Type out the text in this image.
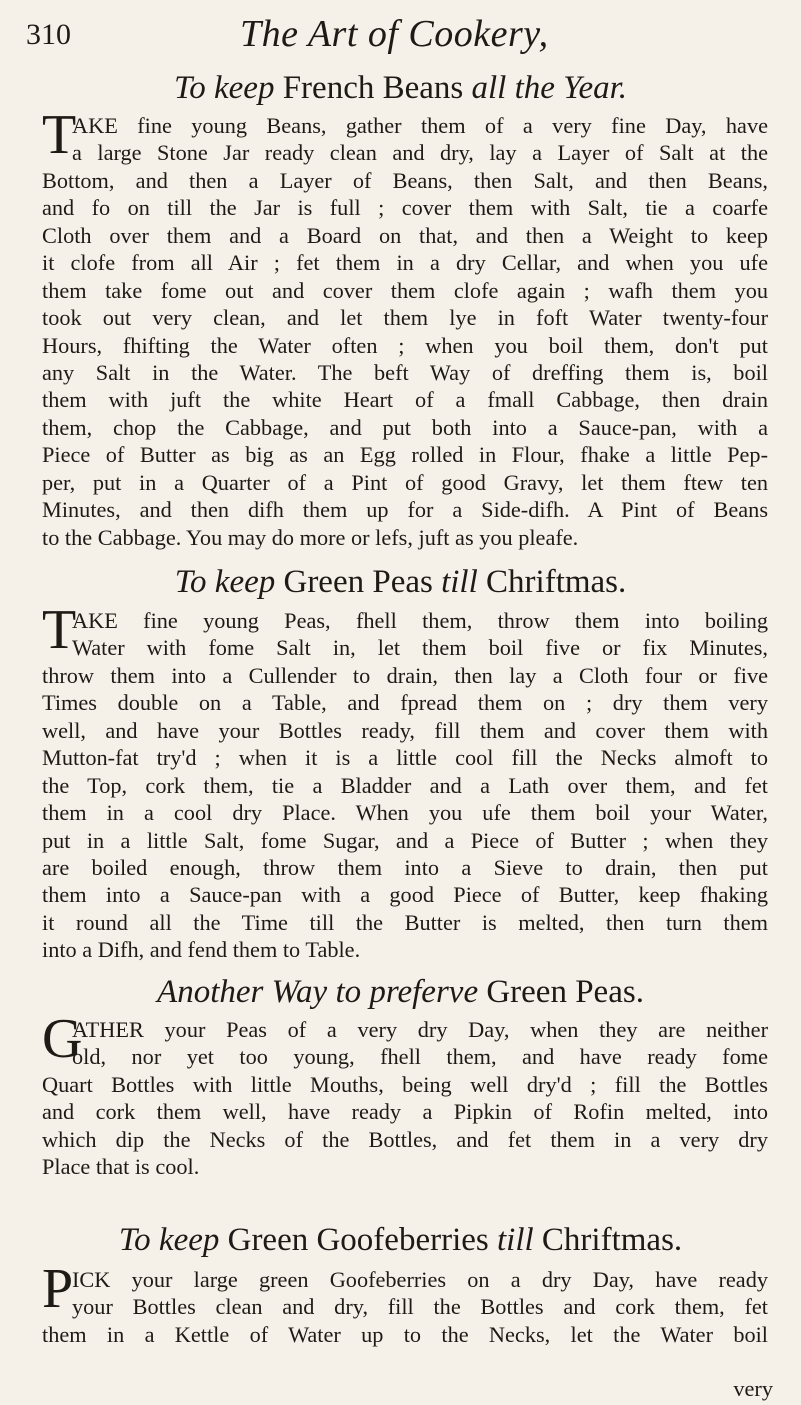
310	The Art of Cookery,
To keep French Beans all the Year.
T
AKE fine young Beans, gather them of a very fine Day, have
a large Stone Jar ready clean and dry, lay a Layer of Salt at the
Bottom, and then a Layer of Beans, then Salt, and then Beans,
and fo on till the Jar is full ; cover them with Salt, tie a coarfe
Cloth over them and a Board on that, and then a Weight to keep
it clofe from all Air ; fet them in a dry Cellar, and when you ufe
them take fome out and cover them clofe again ; wafh them you
took out very clean, and let them lye in foft Water twenty-four
Hours, fhifting the Water often ; when you boil them, don't put
any Salt in the Water. The beft Way of dreffing them is, boil
them with juft the white Heart of a fmall Cabbage, then drain
them, chop the Cabbage, and put both into a Sauce-pan, with a
Piece of Butter as big as an Egg rolled in Flour, fhake a little Pep-
per, put in a Quarter of a Pint of good Gravy, let them ftew ten
Minutes, and then difh them up for a Side-difh. A Pint of Beans
to the Cabbage. You may do more or lefs, juft as you pleafe.
To keep Green Peas till Chriftmas.
T
AKE fine young Peas, fhell them, throw them into boiling
Water with fome Salt in, let them boil five or fix Minutes,
throw them into a Cullender to drain, then lay a Cloth four or five
Times double on a Table, and fpread them on ; dry them very
well, and have your Bottles ready, fill them and cover them with
Mutton-fat try'd ; when it is a little cool fill the Necks almoft to
the Top, cork them, tie a Bladder and a Lath over them, and fet
them in a cool dry Place. When you ufe them boil your Water,
put in a little Salt, fome Sugar, and a Piece of Butter ; when they
are boiled enough, throw them into a Sieve to drain, then put
them into a Sauce-pan with a good Piece of Butter, keep fhaking
it round all the Time till the Butter is melted, then turn them
into a Difh, and fend them to Table.
Another Way to preferve Green Peas.
G
ATHER your Peas of a very dry Day, when they are neither
old, nor yet too young, fhell them, and have ready fome
Quart Bottles with little Mouths, being well dry'd ; fill the Bottles
and cork them well, have ready a Pipkin of Rofin melted, into
which dip the Necks of the Bottles, and fet them in a very dry
Place that is cool.
To keep Green Goofeberries till Chriftmas.
P
ICK your large green Goofeberries on a dry Day, have ready
your Bottles clean and dry, fill the Bottles and cork them, fet
them in a Kettle of Water up to the Necks, let the Water boil
very
